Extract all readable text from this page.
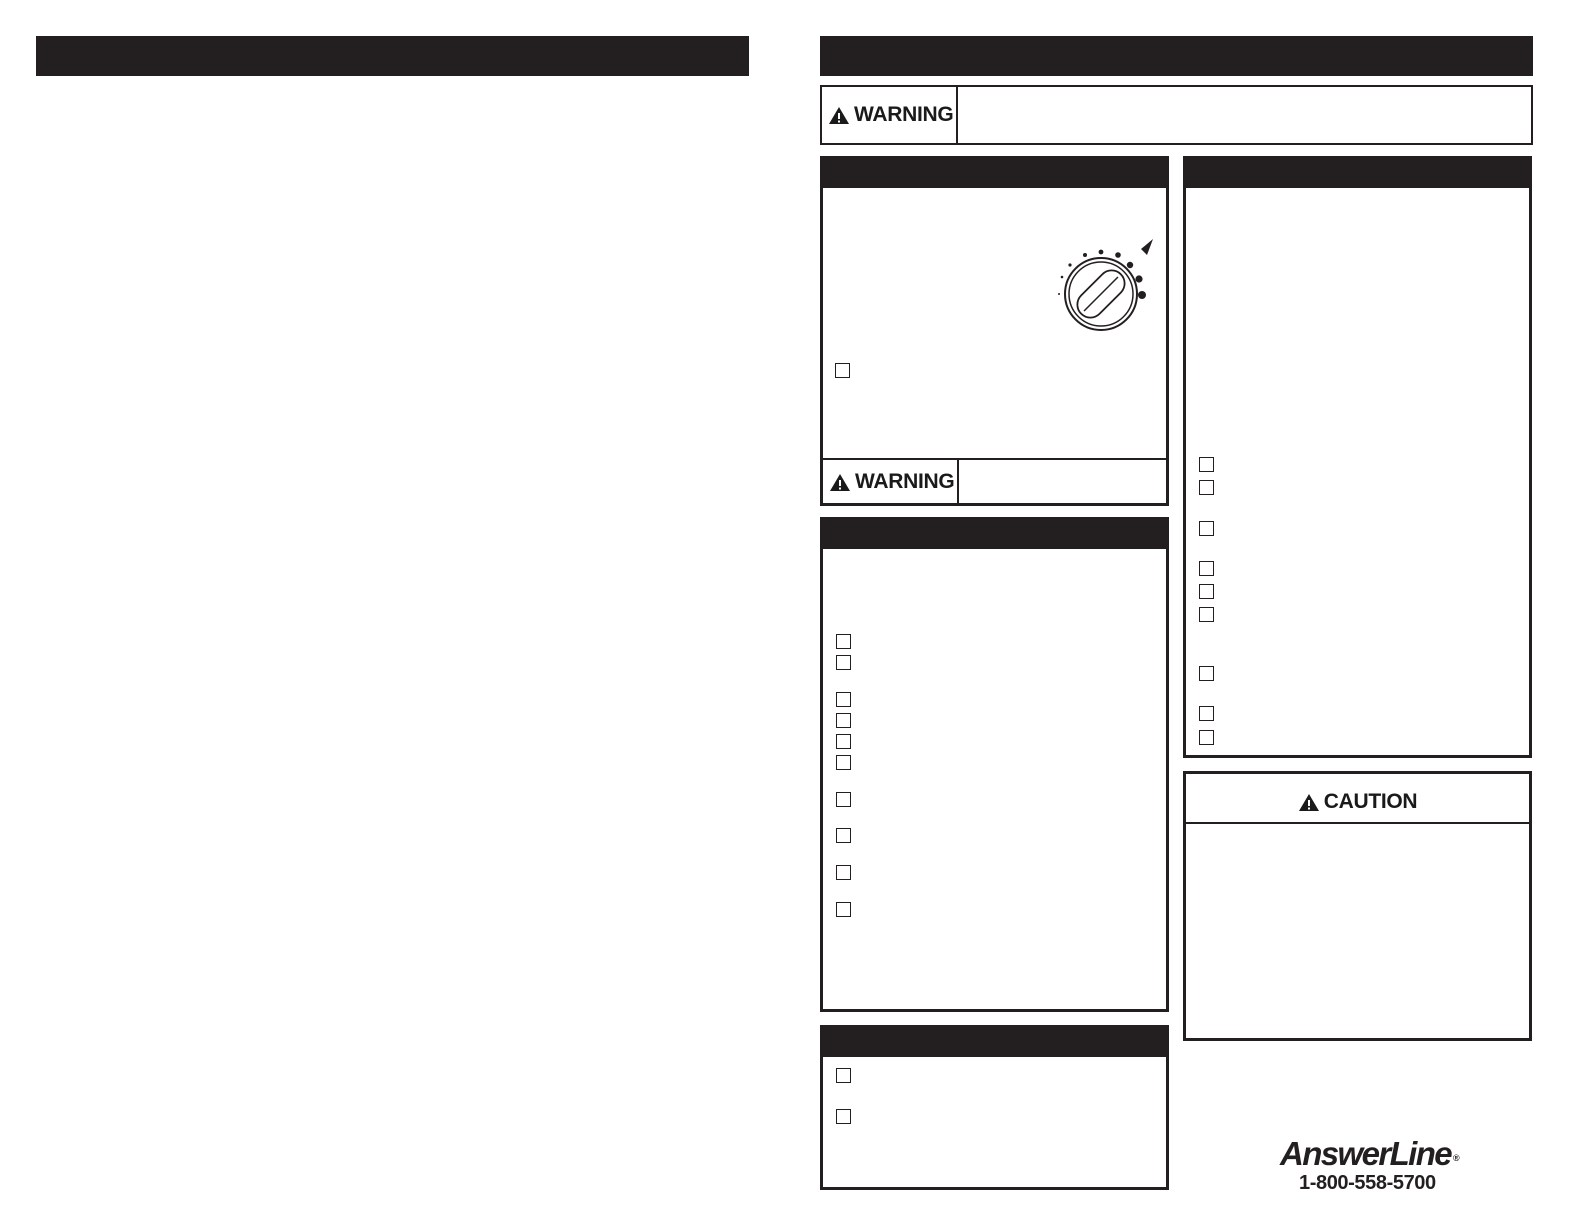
WARNING
WARNING
CAUTION
AnswerLine ®
1-800-558-5700
